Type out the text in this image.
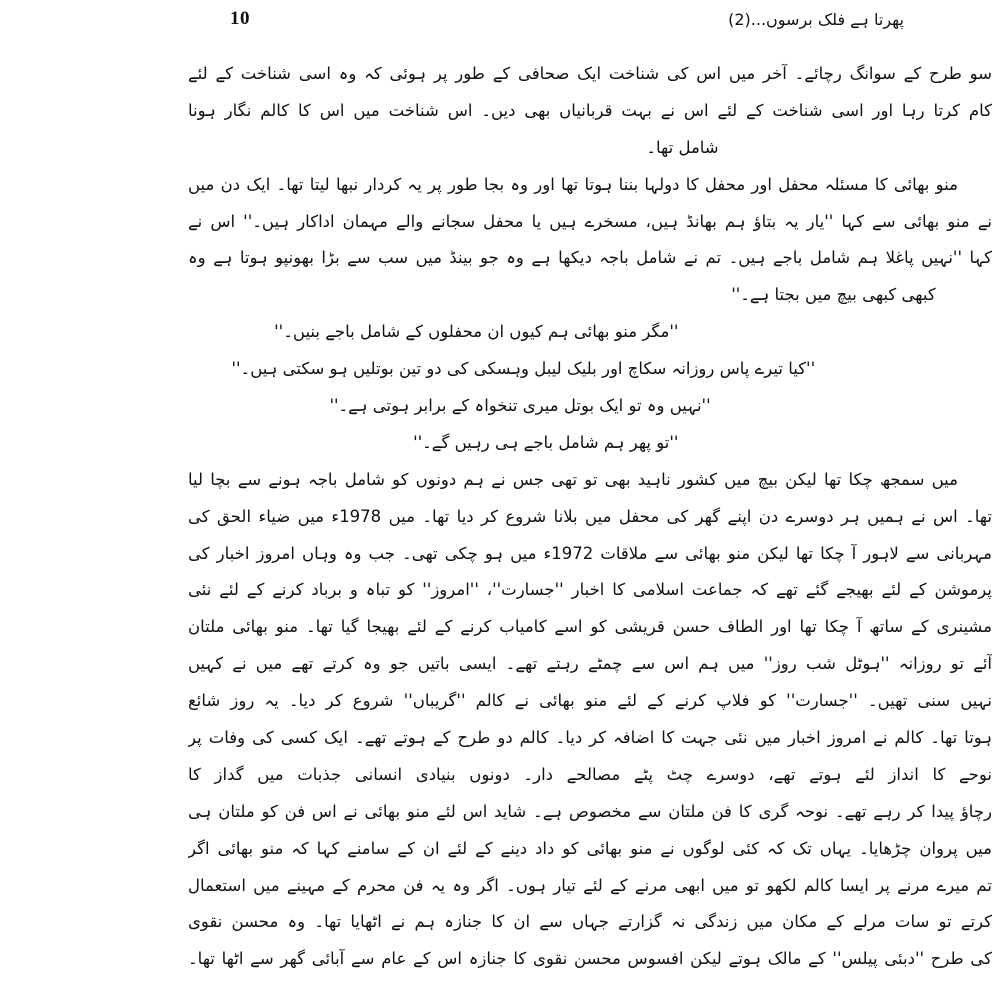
10	پھرتا ہے فلک برسوں...(2)
سو طرح کے سوانگ رچائے۔ آخر میں اس کی شناخت ایک صحافی کے طور پر ہوئی کہ وہ اسی شناخت کے لئے
کام کرتا رہا اور اسی شناخت کے لئے اس نے بہت قربانیاں بھی دیں۔ اس شناخت میں اس کا کالم نگار ہونا
شامل تھا۔
منو بھائی کا مسئلہ محفل اور محفل کا دولہا بننا ہوتا تھا اور وہ بجا طور پر یہ کردار نبھا لیتا تھا۔ ایک دن میں
نے منو بھائی سے کہا ''یار یہ بتاؤ ہم بھانڈ ہیں، مسخرے ہیں یا محفل سجانے والے مہمان اداکار ہیں۔'' اس نے
کہا ''نہیں پاغلا ہم شامل باجے ہیں۔ تم نے شامل باجہ دیکھا ہے وہ جو بینڈ میں سب سے بڑا بھونپو ہوتا ہے وہ
کبھی کبھی بیچ میں بجتا ہے۔''
''مگر منو بھائی ہم کیوں ان محفلوں کے شامل باجے بنیں۔''
''کیا تیرے پاس روزانہ سکاچ اور بلیک لیبل وہسکی کی دو تین بوتلیں ہو سکتی ہیں۔''
''نہیں وہ تو ایک بوتل میری تنخواہ کے برابر ہوتی ہے۔''
''تو پھر ہم شامل باجے ہی رہیں گے۔''
میں سمجھ چکا تھا لیکن بیچ میں کشور ناہید بھی تو تھی جس نے ہم دونوں کو شامل باجہ ہونے سے بچا لیا
تھا۔ اس نے ہمیں ہر دوسرے دن اپنے گھر کی محفل میں بلانا شروع کر دیا تھا۔ میں 1978ء میں ضیاء الحق کی
مہربانی سے لاہور آ چکا تھا لیکن منو بھائی سے ملاقات 1972ء میں ہو چکی تھی۔ جب وہ وہاں امروز اخبار کی
پرموشن کے لئے بھیجے گئے تھے کہ جماعت اسلامی کا اخبار ''جسارت''، ''امروز'' کو تباہ و برباد کرنے کے لئے نئی
مشینری کے ساتھ آ چکا تھا اور الطاف حسن قریشی کو اسے کامیاب کرنے کے لئے بھیجا گیا تھا۔ منو بھائی ملتان
آئے تو روزانہ ''ہوٹل شب روز'' میں ہم اس سے چمٹے رہتے تھے۔ ایسی باتیں جو وہ کرتے تھے میں نے کہیں
نہیں سنی تھیں۔ ''جسارت'' کو فلاپ کرنے کے لئے منو بھائی نے کالم ''گریباں'' شروع کر دیا۔ یہ روز شائع
ہوتا تھا۔ کالم نے امروز اخبار میں نئی جہت کا اضافہ کر دیا۔ کالم دو طرح کے ہوتے تھے۔ ایک کسی کی وفات پر
نوحے کا انداز لئے ہوتے تھے، دوسرے چٹ پٹے مصالحے دار۔ دونوں بنیادی انسانی جذبات میں گداز کا
رچاؤ پیدا کر رہے تھے۔ نوحہ گری کا فن ملتان سے مخصوص ہے۔ شاید اس لئے منو بھائی نے اس فن کو ملتان ہی
میں پروان چڑھایا۔ یہاں تک کہ کئی لوگوں نے منو بھائی کو داد دینے کے لئے ان کے سامنے کہا کہ منو بھائی اگر
تم میرے مرنے پر ایسا کالم لکھو تو میں ابھی مرنے کے لئے تیار ہوں۔ اگر وہ یہ فن محرم کے مہینے میں استعمال
کرتے تو سات مرلے کے مکان میں زندگی نہ گزارتے جہاں سے ان کا جنازہ ہم نے اٹھایا تھا۔ وہ محسن نقوی
کی طرح ''دبئی پیلس'' کے مالک ہوتے لیکن افسوس محسن نقوی کا جنازہ اس کے عام سے آبائی گھر سے اٹھا تھا۔
